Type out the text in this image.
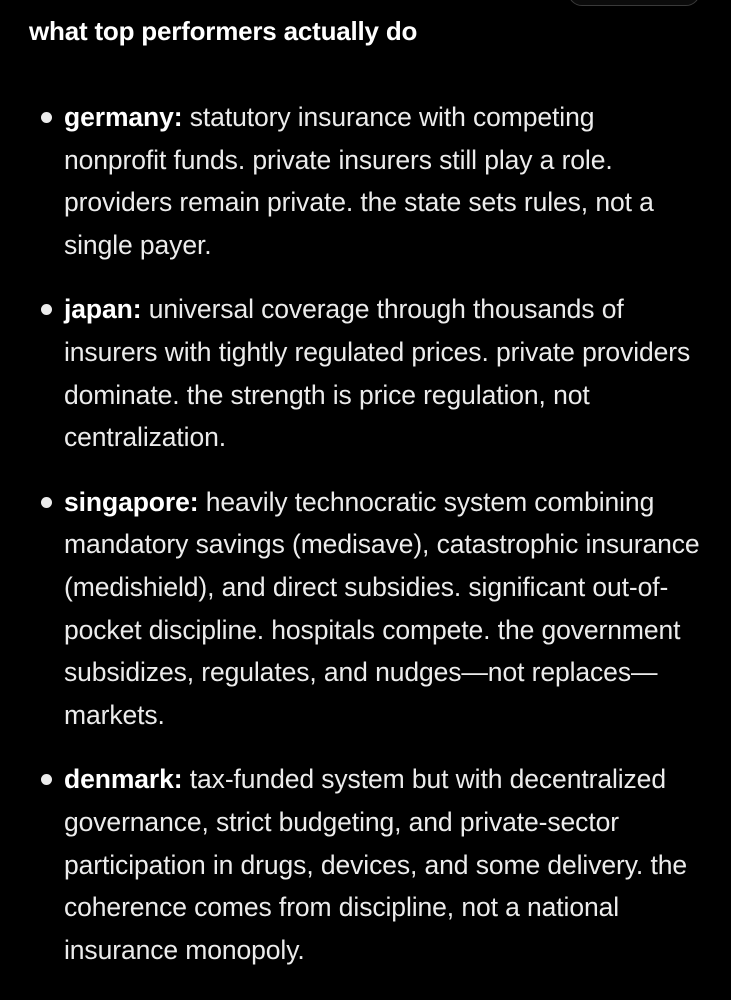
what top performers actually do
germany: statutory insurance with competing nonprofit funds. private insurers still play a role. providers remain private. the state sets rules, not a single payer.
japan: universal coverage through thousands of insurers with tightly regulated prices. private providers dominate. the strength is price regulation, not centralization.
singapore: heavily technocratic system combining mandatory savings (medisave), catastrophic insurance (medishield), and direct subsidies. significant out-of-pocket discipline. hospitals compete. the government subsidizes, regulates, and nudges—not replaces—markets.
denmark: tax-funded system but with decentralized governance, strict budgeting, and private-sector participation in drugs, devices, and some delivery. the coherence comes from discipline, not a national insurance monopoly.
